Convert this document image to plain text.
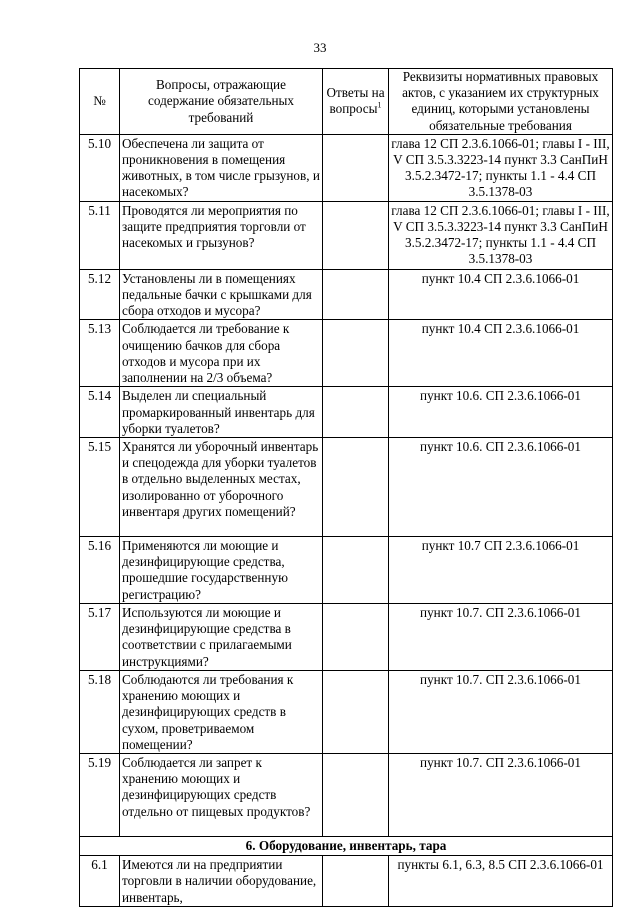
33
№	Вопросы, отражающие содержание обязательных требований	Ответы на вопросы$^1$	Реквизиты нормативных правовых актов, с указанием их структурных единиц, которыми установлены обязательные требования
5.10	Обеспечена ли защита от проникновения в помещения животных, в том числе грызунов, и насекомых?		глава 12 СП 2.3.6.1066-01; главы I - III, V СП 3.5.3.3223-14 пункт 3.3 СанПиН 3.5.2.3472-17; пункты 1.1 - 4.4 СП 3.5.1378-03
5.11	Проводятся ли мероприятия по защите предприятия торговли от насекомых и грызунов?		глава 12 СП 2.3.6.1066-01; главы I - III, V СП 3.5.3.3223-14 пункт 3.3 СанПиН 3.5.2.3472-17; пункты 1.1 - 4.4 СП 3.5.1378-03
5.12	Установлены ли в помещениях педальные бачки с крышками для сбора отходов и мусора?		пункт 10.4 СП 2.3.6.1066-01
5.13	Соблюдается ли требование к очищению бачков для сбора отходов и мусора при их заполнении на 2/3 объема?		пункт 10.4 СП 2.3.6.1066-01
5.14	Выделен ли специальный промаркированный инвентарь для уборки туалетов?		пункт 10.6. СП 2.3.6.1066-01
5.15	Хранятся ли уборочный инвентарь и спецодежда для уборки туалетов в отдельно выделенных местах, изолированно от уборочного инвентаря других помещений?		пункт 10.6. СП 2.3.6.1066-01
5.16	Применяются ли моющие и дезинфицирующие средства, прошедшие государственную регистрацию?		пункт 10.7 СП 2.3.6.1066-01
5.17	Используются ли моющие и дезинфицирующие средства в соответствии с прилагаемыми инструкциями?		пункт 10.7. СП 2.3.6.1066-01
5.18	Соблюдаются ли требования к хранению моющих и дезинфицирующих средств в сухом, проветриваемом помещении?		пункт 10.7. СП 2.3.6.1066-01
5.19	Соблюдается ли запрет к хранению моющих и дезинфицирующих средств отдельно от пищевых продуктов?		пункт 10.7. СП 2.3.6.1066-01
6. Оборудование, инвентарь, тара			
6.1	Имеются ли на предприятии торговли в наличии оборудование, инвентарь,		пункты 6.1, 6.3, 8.5 СП 2.3.6.1066-01
